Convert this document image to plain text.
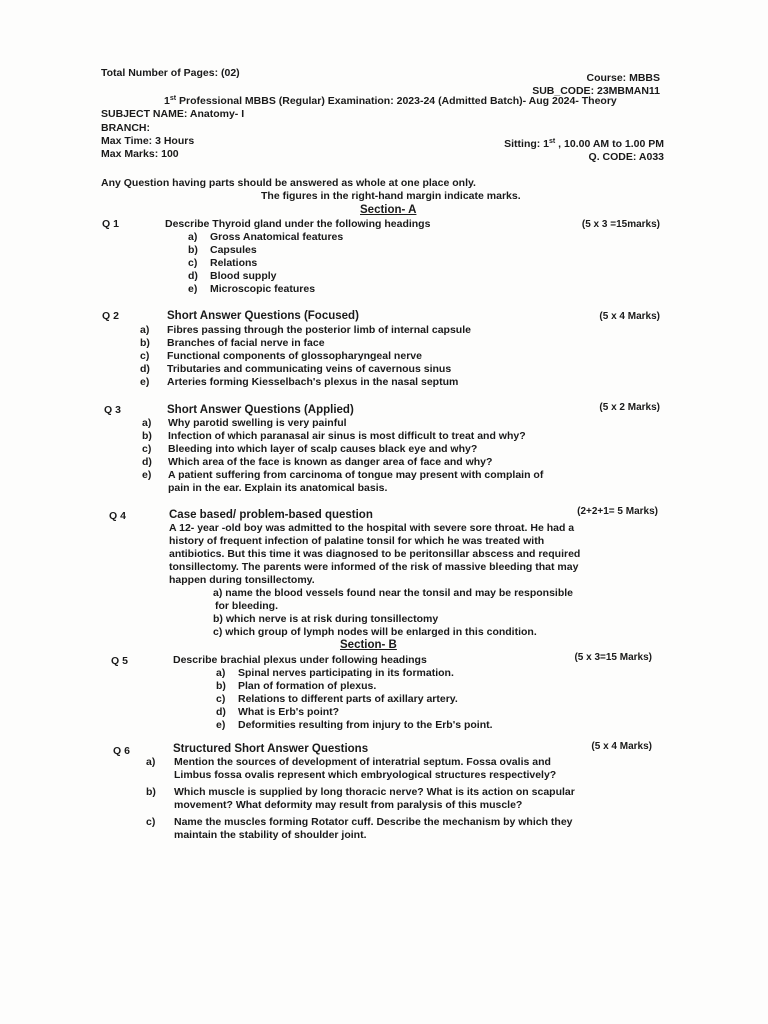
Total Number of Pages: (02)	Course: MBBS
SUB_CODE: 23MBMAN11
1st Professional MBBS (Regular) Examination: 2023-24 (Admitted Batch)- Aug 2024- Theory
SUBJECT NAME: Anatomy- I
BRANCH:
Max Time: 3 Hours
Max Marks: 100
Sitting: 1st , 10.00 AM to 1.00 PM
Q. CODE: A033
Any Question having parts should be answered as whole at one place only.
The figures in the right-hand margin indicate marks.
Section- A
Q 1	Describe Thyroid gland under the following headings	(5 x 3 =15marks)
a)	Gross Anatomical features
b)	Capsules
c)	Relations
d)	Blood supply
e)	Microscopic features
Q 2	Short Answer Questions (Focused)	(5 x 4 Marks)
a)	Fibres passing through the posterior limb of internal capsule
b)	Branches of facial nerve in face
c)	Functional components of glossopharyngeal nerve
d)	Tributaries and communicating veins of cavernous sinus
e)	Arteries forming Kiesselbach's plexus in the nasal septum
Q 3	Short Answer Questions (Applied)	(5 x 2 Marks)
a)	Why parotid swelling is very painful
b)	Infection of which paranasal air sinus is most difficult to treat and why?
c)	Bleeding into which layer of scalp causes black eye and why?
d)	Which area of the face is known as danger area of face and why?
e)	A patient suffering from carcinoma of tongue may present with complain of pain in the ear. Explain its anatomical basis.
Q 4	Case based/ problem-based question	(2+2+1= 5 Marks)
A 12- year -old boy was admitted to the hospital with severe sore throat. He had a
history of frequent infection of palatine tonsil for which he was treated with
antibiotics. But this time it was diagnosed to be peritonsillar abscess and required
tonsillectomy. The parents were informed of the risk of massive bleeding that may
happen during tonsillectomy.
a) name the blood vessels found near the tonsil and may be responsible
for bleeding.
b) which nerve is at risk during tonsillectomy
c) which group of lymph nodes will be enlarged in this condition.
Section- B
Q 5	Describe brachial plexus under following headings	(5 x 3=15 Marks)
a)	Spinal nerves participating in its formation.
b)	Plan of formation of plexus.
c)	Relations to different parts of axillary artery.
d)	What is Erb's point?
e)	Deformities resulting from injury to the Erb's point.
Q 6	Structured Short Answer Questions	(5 x 4 Marks)
a)	Mention the sources of development of interatrial septum. Fossa ovalis and
Limbus fossa ovalis represent which embryological structures respectively?
b)	Which muscle is supplied by long thoracic nerve? What is its action on scapular
movement? What deformity may result from paralysis of this muscle?
c)	Name the muscles forming Rotator cuff. Describe the mechanism by which they
maintain the stability of shoulder joint.
